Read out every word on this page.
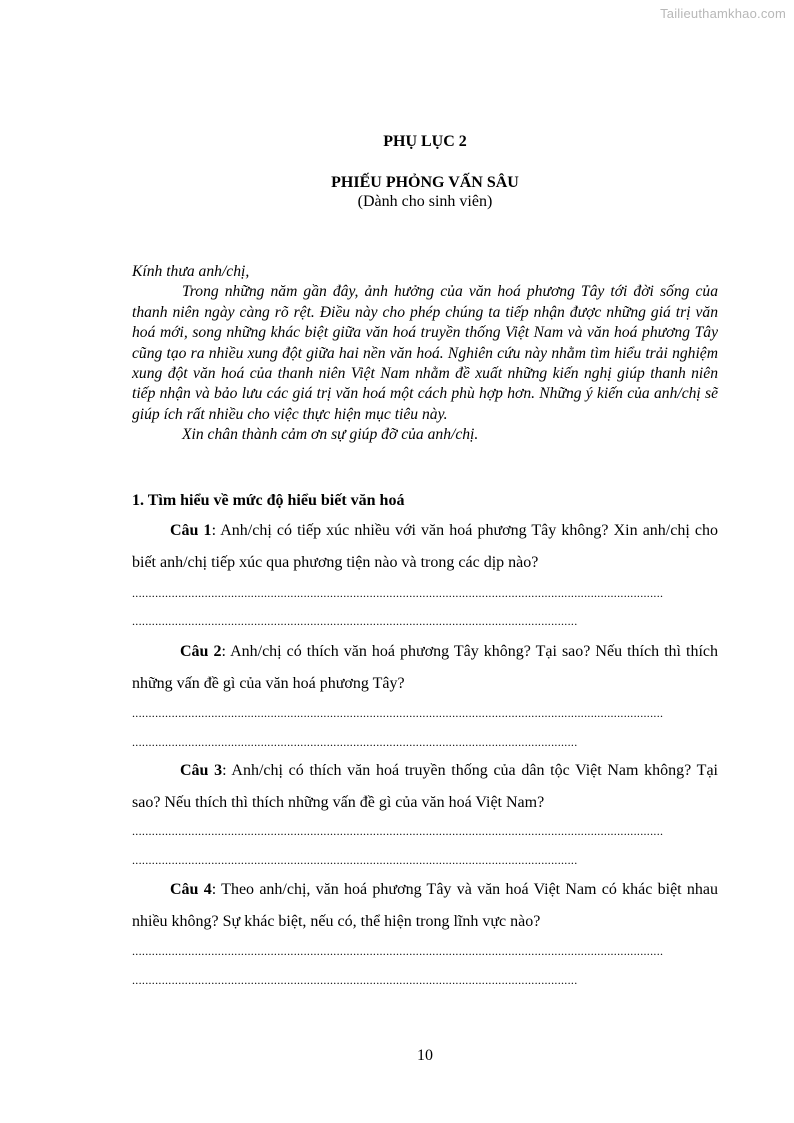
Tailieuthamkhao.com
PHỤ LỤC 2
PHIẾU PHỎNG VẤN SÂU
(Dành cho sinh viên)

Kính thưa anh/chị,

Trong những năm gần đây, ảnh hưởng của văn hoá phương Tây tới đời sống của thanh niên ngày càng rõ rệt. Điều này cho phép chúng ta tiếp nhận được những giá trị văn hoá mới, song những khác biệt giữa văn hoá truyền thống Việt Nam và văn hoá phương Tây cũng tạo ra nhiều xung đột giữa hai nền văn hoá. Nghiên cứu này nhằm tìm hiểu trải nghiệm xung đột văn hoá của thanh niên Việt Nam nhằm đề xuất những kiến nghị giúp thanh niên tiếp nhận và bảo lưu các giá trị văn hoá một cách phù hợp hơn. Những ý kiến của anh/chị sẽ giúp ích rất nhiều cho việc thực hiện mục tiêu này.

Xin chân thành cảm ơn sự giúp đỡ của anh/chị.

1. Tìm hiểu về mức độ hiểu biết văn hoá
Câu 1: Anh/chị có tiếp xúc nhiều với văn hoá phương Tây không? Xin anh/chị cho biết anh/chị tiếp xúc qua phương tiện nào và trong các dịp nào?
.................................................................................................................................................................
.......................................................................................................................................
Câu 2: Anh/chị có thích văn hoá phương Tây không? Tại sao? Nếu thích thì thích những vấn đề gì của văn hoá phương Tây?
.................................................................................................................................................................
.......................................................................................................................................
Câu 3: Anh/chị có thích văn hoá truyền thống của dân tộc Việt Nam không? Tại sao? Nếu thích thì thích những vấn đề gì của văn hoá Việt Nam?
.................................................................................................................................................................
.......................................................................................................................................
Câu 4: Theo anh/chị, văn hoá phương Tây và văn hoá Việt Nam có khác biệt nhau nhiều không? Sự khác biệt, nếu có, thể hiện trong lĩnh vực nào?
.................................................................................................................................................................
.......................................................................................................................................
10
